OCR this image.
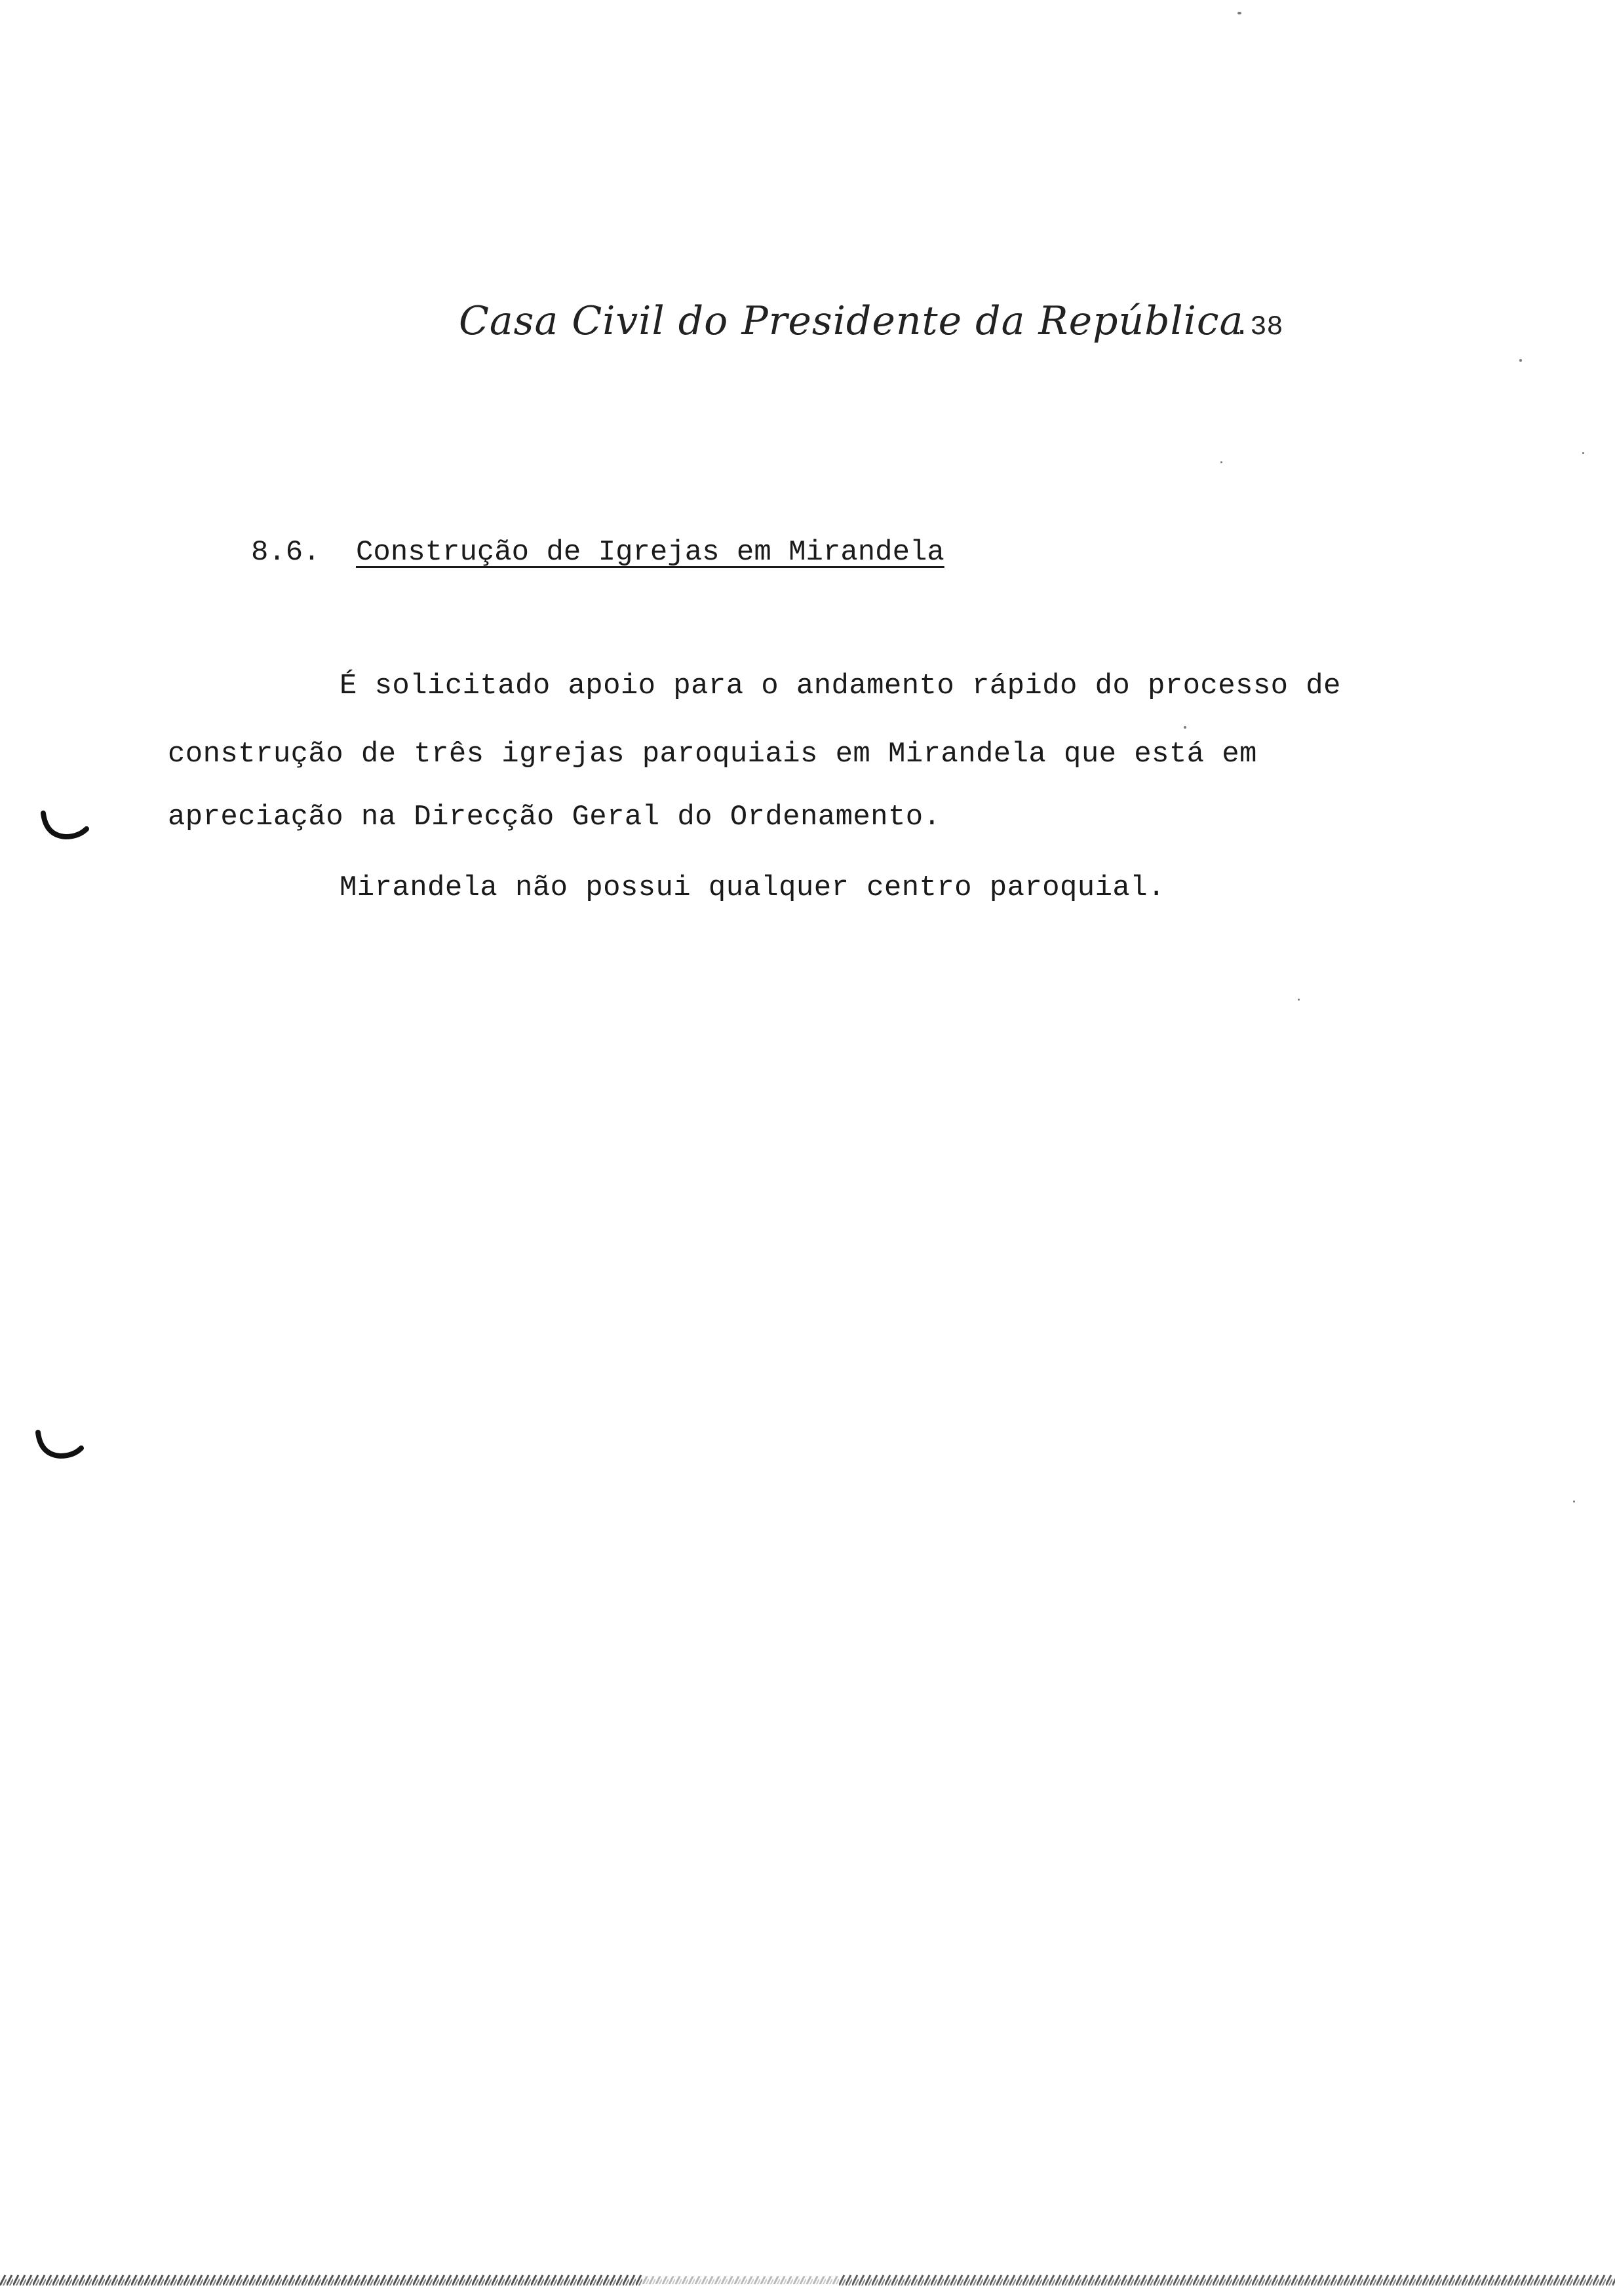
Casa Civil do Presidente da República
.38
8.6. Construção de Igrejas em Mirandela
É solicitado apoio para o andamento rápido do processo de
construção de três igrejas paroquiais em Mirandela que está em
apreciação na Direcção Geral do Ordenamento.
Mirandela não possui qualquer centro paroquial.
